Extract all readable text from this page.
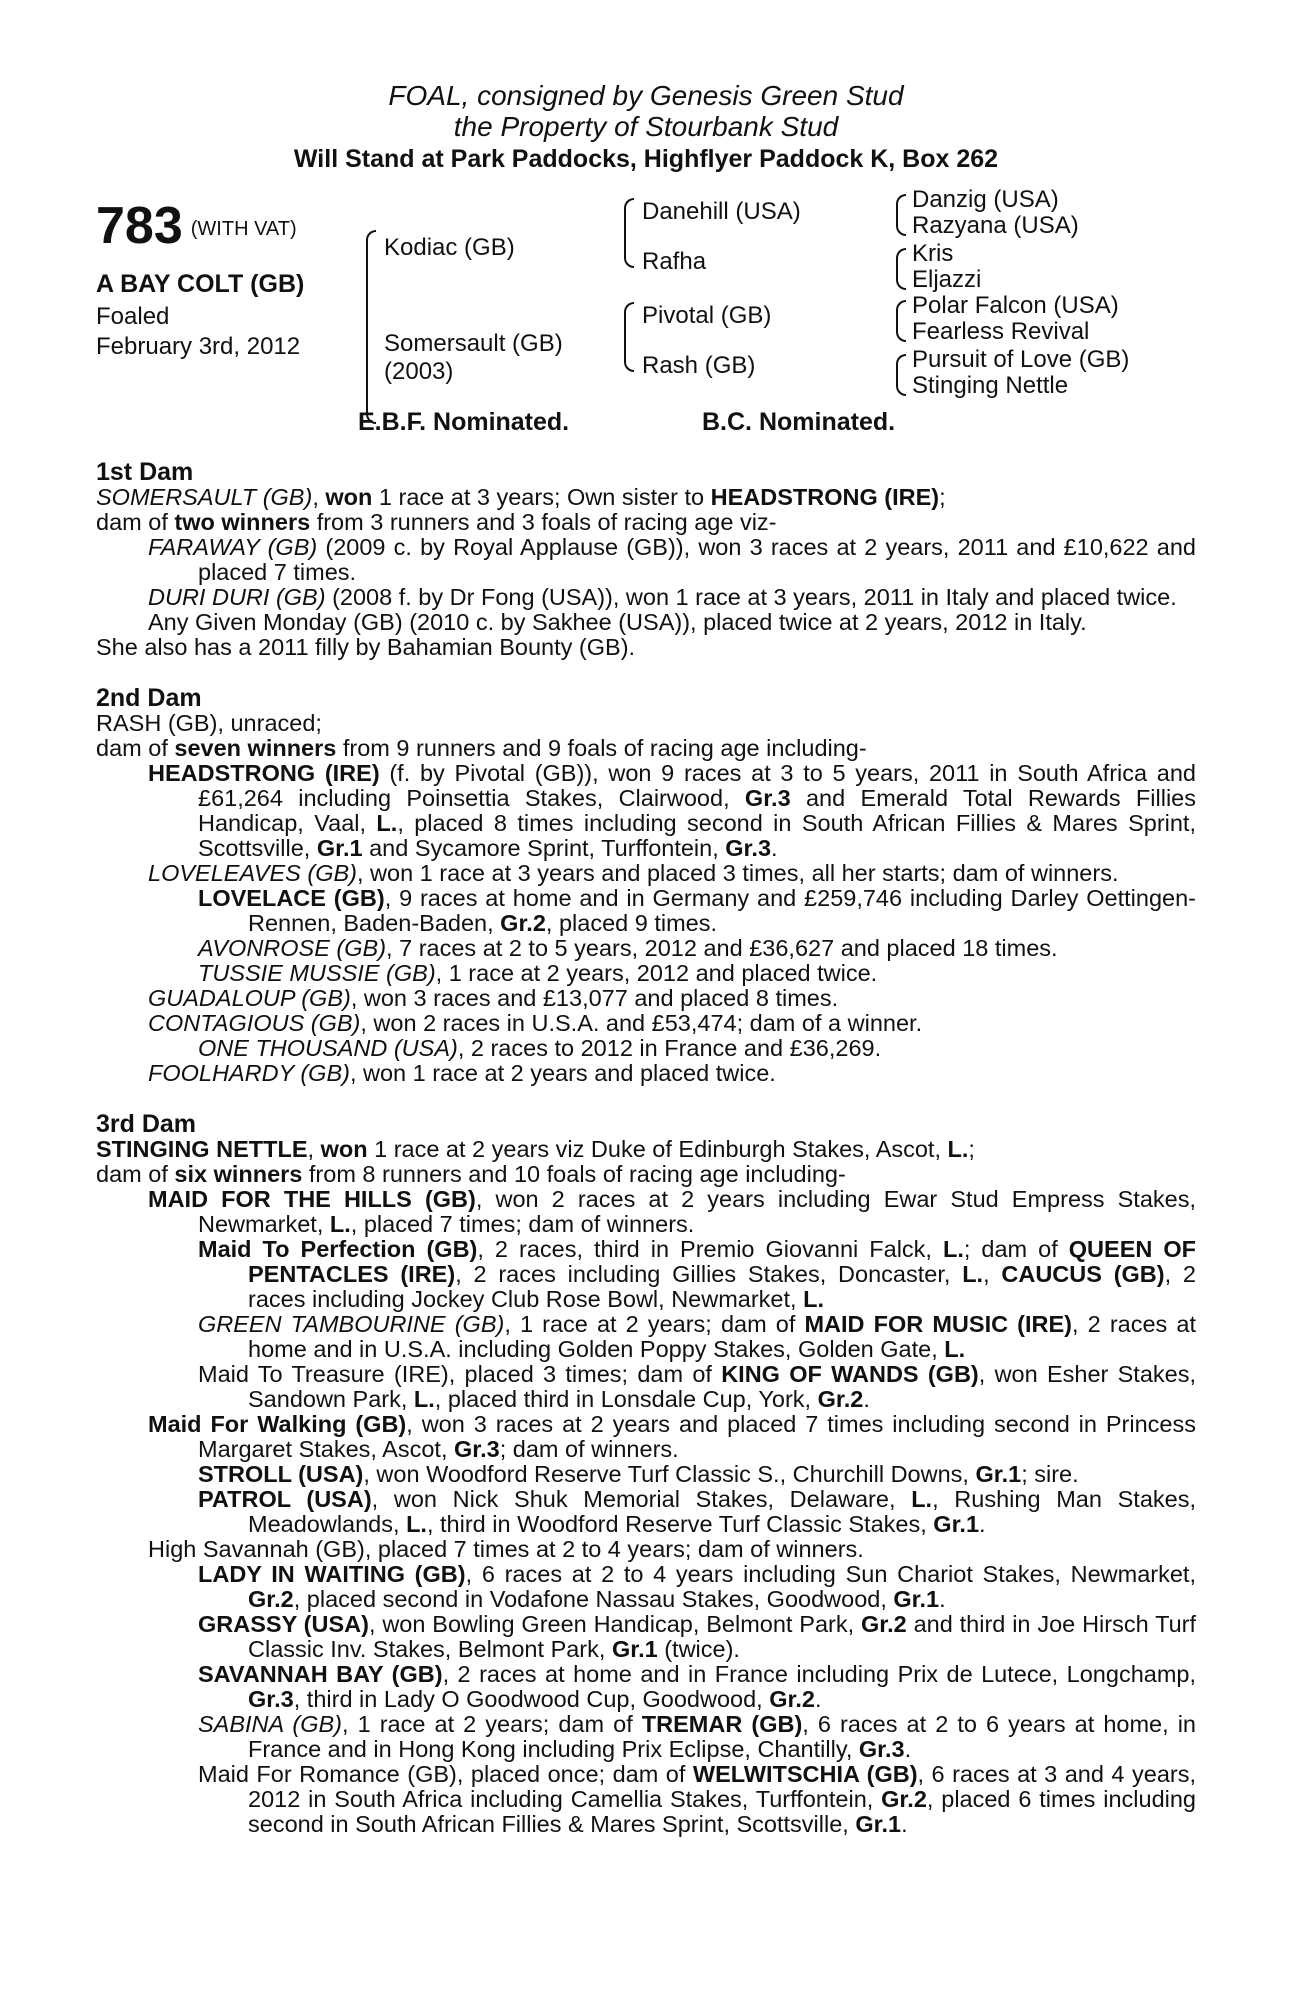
FOAL, consigned by Genesis Green Stud
the Property of Stourbank Stud
Will Stand at Park Paddocks, Highflyer Paddock K, Box 262
783 (WITH VAT)
A BAY COLT (GB)
Foaled
February 3rd, 2012
Kodiac (GB)
Somersault (GB)
(2003)
Danehill (USA)
Rafha
Pivotal (GB)
Rash (GB)
Danzig (USA)
Razyana (USA)
Kris
Eljazzi
Polar Falcon (USA)
Fearless Revival
Pursuit of Love (GB)
Stinging Nettle
E.B.F. Nominated.	B.C. Nominated.

1st Dam

SOMERSAULT (GB), won 1 race at 3 years; Own sister to HEADSTRONG (IRE);

dam of two winners from 3 runners and 3 foals of racing age viz-

FARAWAY (GB) (2009 c. by Royal Applause (GB)), won 3 races at 2 years, 2011 and £10,622 and placed 7 times.

DURI DURI (GB) (2008 f. by Dr Fong (USA)), won 1 race at 3 years, 2011 in Italy and placed twice.

Any Given Monday (GB) (2010 c. by Sakhee (USA)), placed twice at 2 years, 2012 in Italy.

She also has a 2011 filly by Bahamian Bounty (GB).

2nd Dam

RASH (GB), unraced;

dam of seven winners from 9 runners and 9 foals of racing age including-

HEADSTRONG (IRE) (f. by Pivotal (GB)), won 9 races at 3 to 5 years, 2011 in South Africa and £61,264 including Poinsettia Stakes, Clairwood, Gr.3 and Emerald Total Rewards Fillies Handicap, Vaal, L., placed 8 times including second in South African Fillies & Mares Sprint, Scottsville, Gr.1 and Sycamore Sprint, Turffontein, Gr.3.

LOVELEAVES (GB), won 1 race at 3 years and placed 3 times, all her starts; dam of winners.

LOVELACE (GB), 9 races at home and in Germany and £259,746 including Darley Oettingen-Rennen, Baden-Baden, Gr.2, placed 9 times.

AVONROSE (GB), 7 races at 2 to 5 years, 2012 and £36,627 and placed 18 times.

TUSSIE MUSSIE (GB), 1 race at 2 years, 2012 and placed twice.

GUADALOUP (GB), won 3 races and £13,077 and placed 8 times.

CONTAGIOUS (GB), won 2 races in U.S.A. and £53,474; dam of a winner.

ONE THOUSAND (USA), 2 races to 2012 in France and £36,269.

FOOLHARDY (GB), won 1 race at 2 years and placed twice.

3rd Dam

STINGING NETTLE, won 1 race at 2 years viz Duke of Edinburgh Stakes, Ascot, L.;

dam of six winners from 8 runners and 10 foals of racing age including-

MAID FOR THE HILLS (GB), won 2 races at 2 years including Ewar Stud Empress Stakes, Newmarket, L., placed 7 times; dam of winners.

Maid To Perfection (GB), 2 races, third in Premio Giovanni Falck, L.; dam of QUEEN OF PENTACLES (IRE), 2 races including Gillies Stakes, Doncaster, L., CAUCUS (GB), 2 races including Jockey Club Rose Bowl, Newmarket, L.

GREEN TAMBOURINE (GB), 1 race at 2 years; dam of MAID FOR MUSIC (IRE), 2 races at home and in U.S.A. including Golden Poppy Stakes, Golden Gate, L.

Maid To Treasure (IRE), placed 3 times; dam of KING OF WANDS (GB), won Esher Stakes, Sandown Park, L., placed third in Lonsdale Cup, York, Gr.2.

Maid For Walking (GB), won 3 races at 2 years and placed 7 times including second in Princess Margaret Stakes, Ascot, Gr.3; dam of winners.

STROLL (USA), won Woodford Reserve Turf Classic S., Churchill Downs, Gr.1; sire.

PATROL (USA), won Nick Shuk Memorial Stakes, Delaware, L., Rushing Man Stakes, Meadowlands, L., third in Woodford Reserve Turf Classic Stakes, Gr.1.

High Savannah (GB), placed 7 times at 2 to 4 years; dam of winners.

LADY IN WAITING (GB), 6 races at 2 to 4 years including Sun Chariot Stakes, Newmarket, Gr.2, placed second in Vodafone Nassau Stakes, Goodwood, Gr.1.

GRASSY (USA), won Bowling Green Handicap, Belmont Park, Gr.2 and third in Joe Hirsch Turf Classic Inv. Stakes, Belmont Park, Gr.1 (twice).

SAVANNAH BAY (GB), 2 races at home and in France including Prix de Lutece, Longchamp, Gr.3, third in Lady O Goodwood Cup, Goodwood, Gr.2.

SABINA (GB), 1 race at 2 years; dam of TREMAR (GB), 6 races at 2 to 6 years at home, in France and in Hong Kong including Prix Eclipse, Chantilly, Gr.3.

Maid For Romance (GB), placed once; dam of WELWITSCHIA (GB), 6 races at 3 and 4 years, 2012 in South Africa including Camellia Stakes, Turffontein, Gr.2, placed 6 times including second in South African Fillies & Mares Sprint, Scottsville, Gr.1.
